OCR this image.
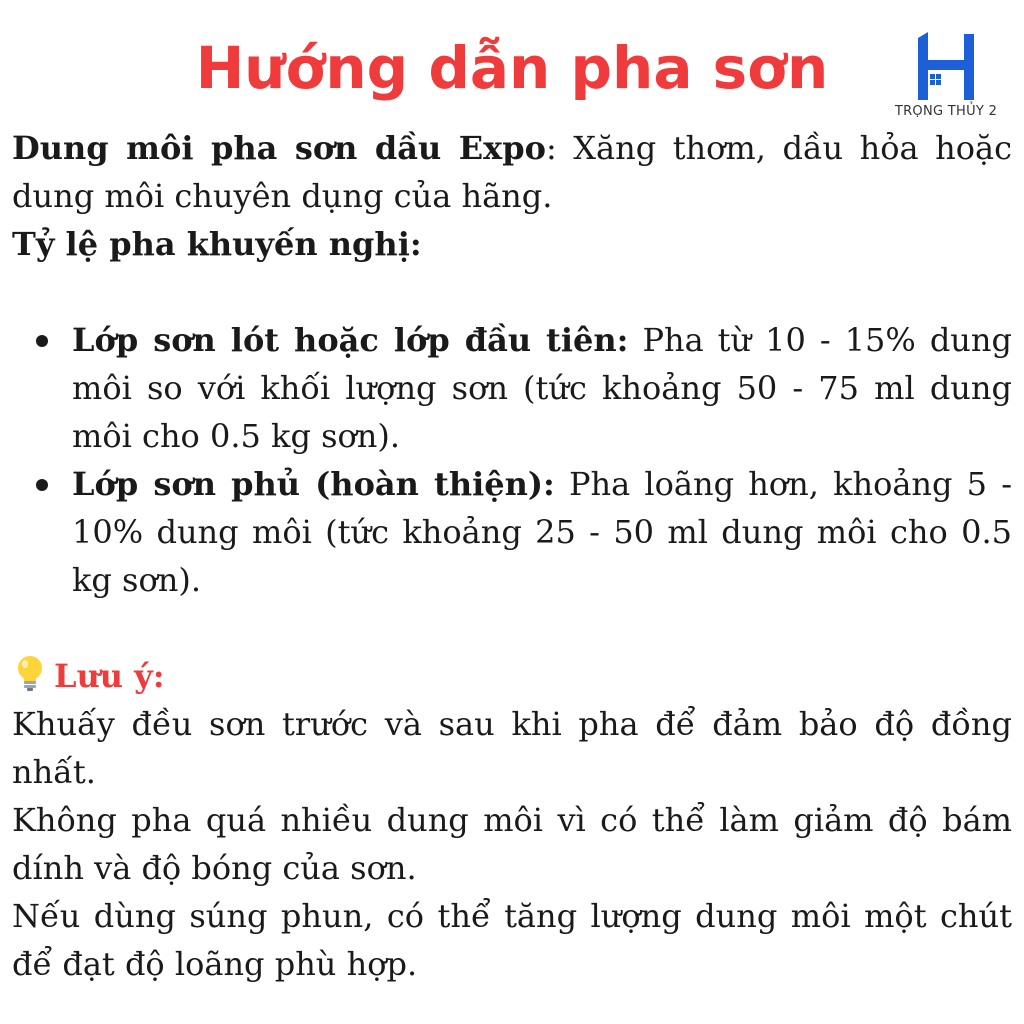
Hướng dẫn pha sơn
TRỌNG THỦY 2

Dung môi pha sơn dầu Expo: Xăng thơm, dầu hỏa hoặc dung môi chuyên dụng của hãng.

Tỷ lệ pha khuyến nghị:

Lớp sơn lót hoặc lớp đầu tiên: Pha từ 10 - 15% dung môi so với khối lượng sơn (tức khoảng 50 - 75 ml dung môi cho 0.5 kg sơn).
Lớp sơn phủ (hoàn thiện): Pha loãng hơn, khoảng 5 - 10% dung môi (tức khoảng 25 - 50 ml dung môi cho 0.5 kg sơn).

Lưu ý:

Khuấy đều sơn trước và sau khi pha để đảm bảo độ đồng nhất.

Không pha quá nhiều dung môi vì có thể làm giảm độ bám dính và độ bóng của sơn.

Nếu dùng súng phun, có thể tăng lượng dung môi một chút để đạt độ loãng phù hợp.
